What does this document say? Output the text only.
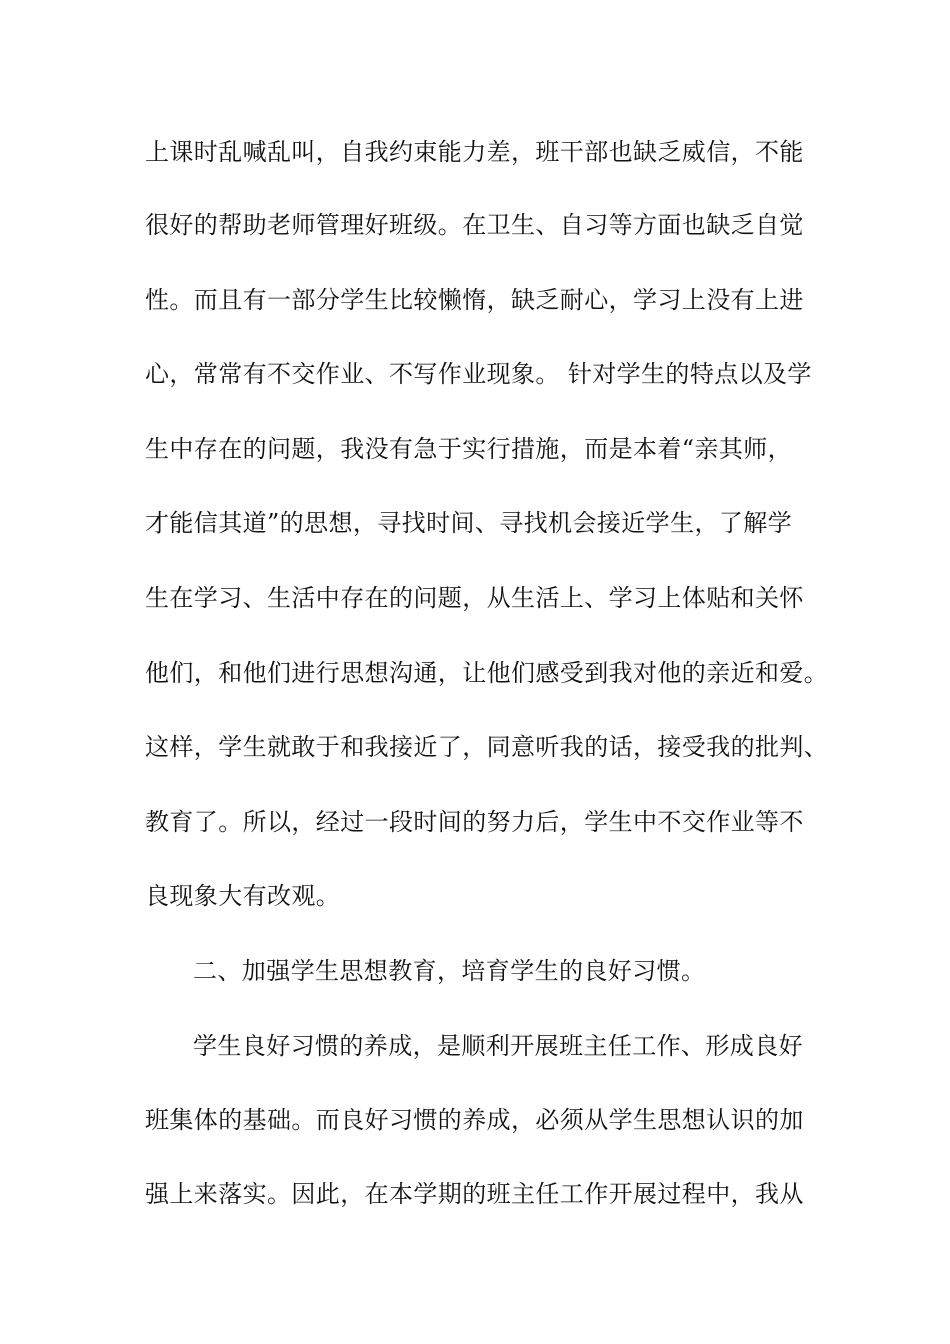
上课时乱喊乱叫，自我约束能力差，班干部也缺乏威信，不能
很好的帮助老师管理好班级。在卫生、自习等方面也缺乏自觉
性。而且有一部分学生比较懒惰，缺乏耐心，学习上没有上进
心，常常有不交作业、不写作业现象。 针对学生的特点以及学
生中存在的问题，我没有急于实行措施，而是本着“亲其师，
才能信其道”的思想，寻找时间、寻找机会接近学生，了解学
生在学习、生活中存在的问题，从生活上、学习上体贴和关怀
他们，和他们进行思想沟通，让他们感受到我对他的亲近和爱。
这样，学生就敢于和我接近了，同意听我的话，接受我的批判、
教育了。所以，经过一段时间的努力后，学生中不交作业等不
良现象大有改观。
二、加强学生思想教育，培育学生的良好习惯。
学生良好习惯的养成，是顺利开展班主任工作、形成良好
班集体的基础。而良好习惯的养成，必须从学生思想认识的加
强上来落实。因此，在本学期的班主任工作开展过程中，我从
